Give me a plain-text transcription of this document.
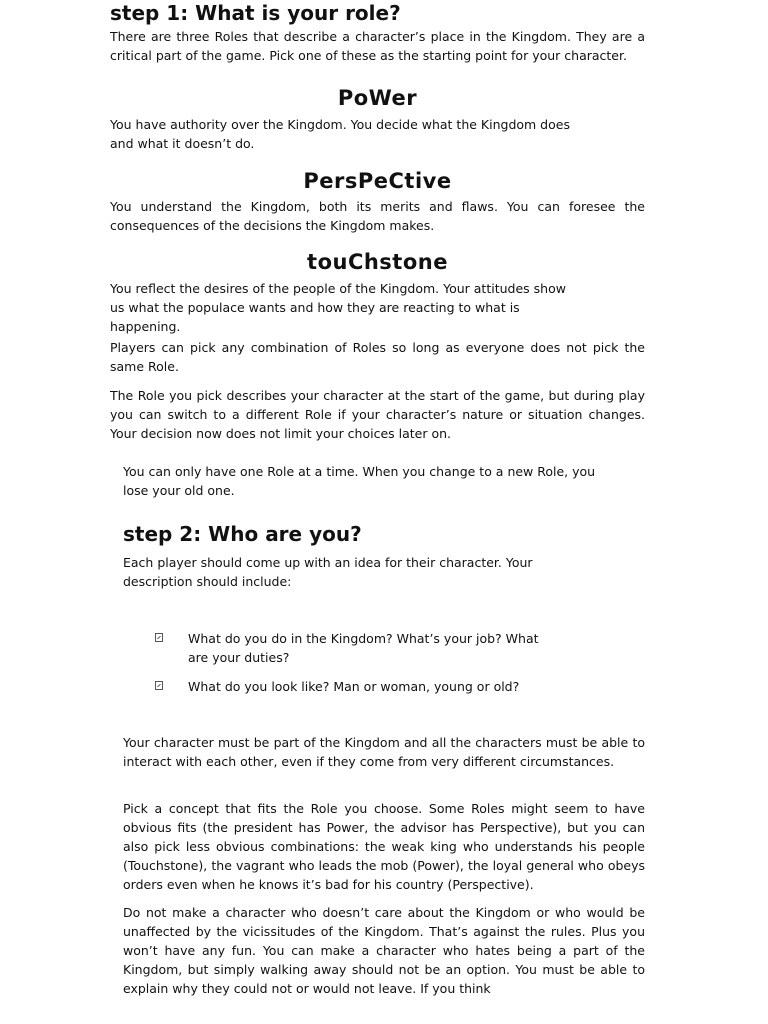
step 1: What is your role?

There are three Roles that describe a character’s place in the Kingdom. They are a critical part of the game. Pick one of these as the starting point for your character.

PoWer

You have authority over the Kingdom. You decide what the Kingdom does and what it doesn’t do.

PersPeCtive

You understand the Kingdom, both its merits and flaws. You can foresee the consequences of the decisions the Kingdom makes.

touChstone

You reflect the desires of the people of the Kingdom. Your attitudes show us what the populace wants and how they are reacting to what is happening.

Players can pick any combination of Roles so long as everyone does not pick the same Role.

The Role you pick describes your character at the start of the game, but during play you can switch to a different Role if your character’s nature or situation changes. Your decision now does not limit your choices later on.

You can only have one Role at a time. When you change to a new Role, you lose your old one.

step 2: Who are you?

Each player should come up with an idea for their character. Your description should include:

What do you do in the Kingdom? What’s your job? What are your duties?

What do you look like? Man or woman, young or old?

Your character must be part of the Kingdom and all the characters must be able to interact with each other, even if they come from very different circumstances.

Pick a concept that fits the Role you choose. Some Roles might seem to have obvious fits (the president has Power, the advisor has Perspective), but you can also pick less obvious combinations: the weak king who understands his people (Touchstone), the vagrant who leads the mob (Power), the loyal general who obeys orders even when he knows it’s bad for his country (Perspective).

Do not make a character who doesn’t care about the Kingdom or who would be unaffected by the vicissitudes of the Kingdom. That’s against the rules. Plus you won’t have any fun. You can make a character who hates being a part of the Kingdom, but simply walking away should not be an option. You must be able to explain why they could not or would not leave. If you think
